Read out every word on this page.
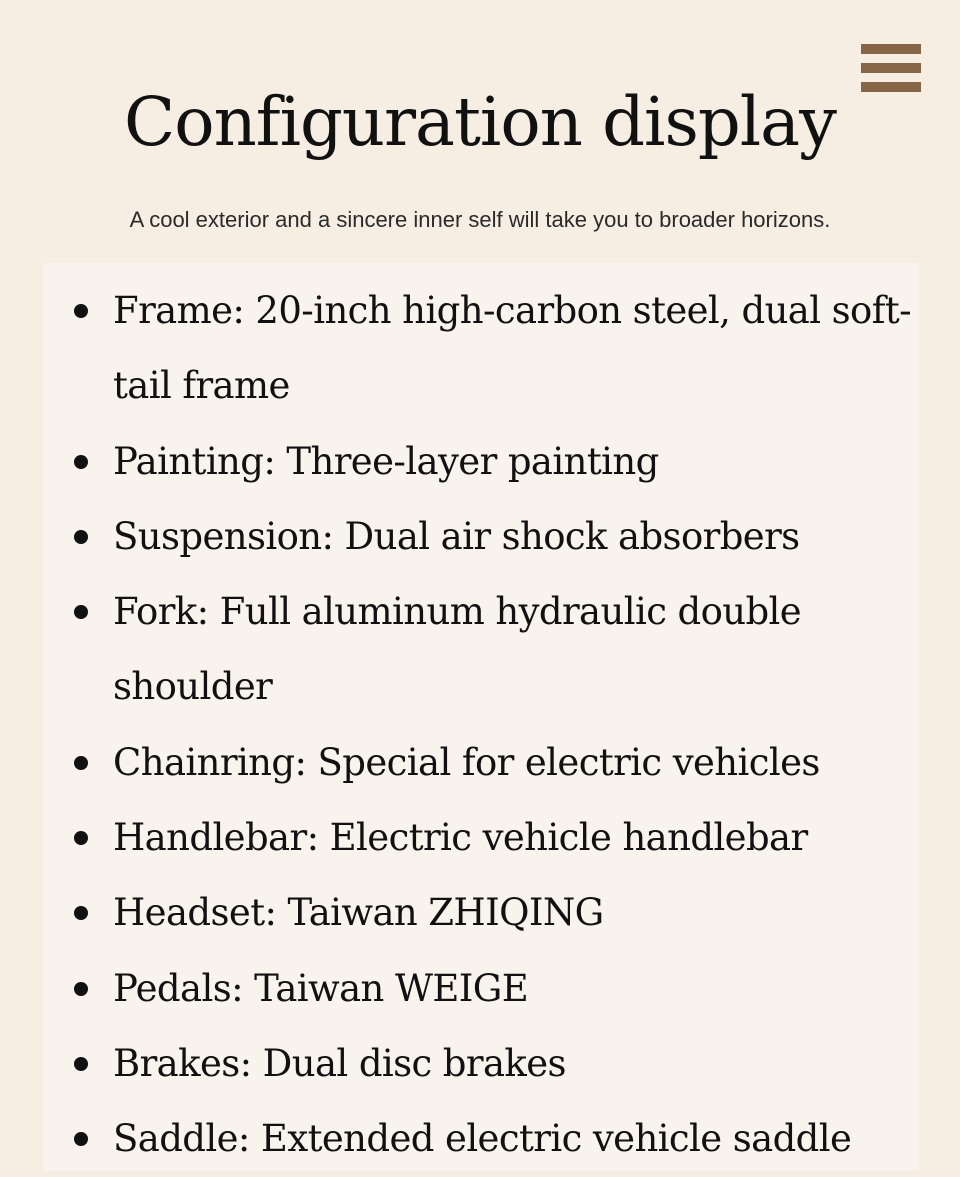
Configuration display

A cool exterior and a sincere inner self will take you to broader horizons.

Frame: 20-inch high-carbon steel, dual soft-tail frame
Painting: Three-layer painting
Suspension: Dual air shock absorbers
Fork: Full aluminum hydraulic double shoulder
Chainring: Special for electric vehicles
Handlebar: Electric vehicle handlebar
Headset: Taiwan ZHIQING
Pedals: Taiwan WEIGE
Brakes: Dual disc brakes
Saddle: Extended electric vehicle saddle
